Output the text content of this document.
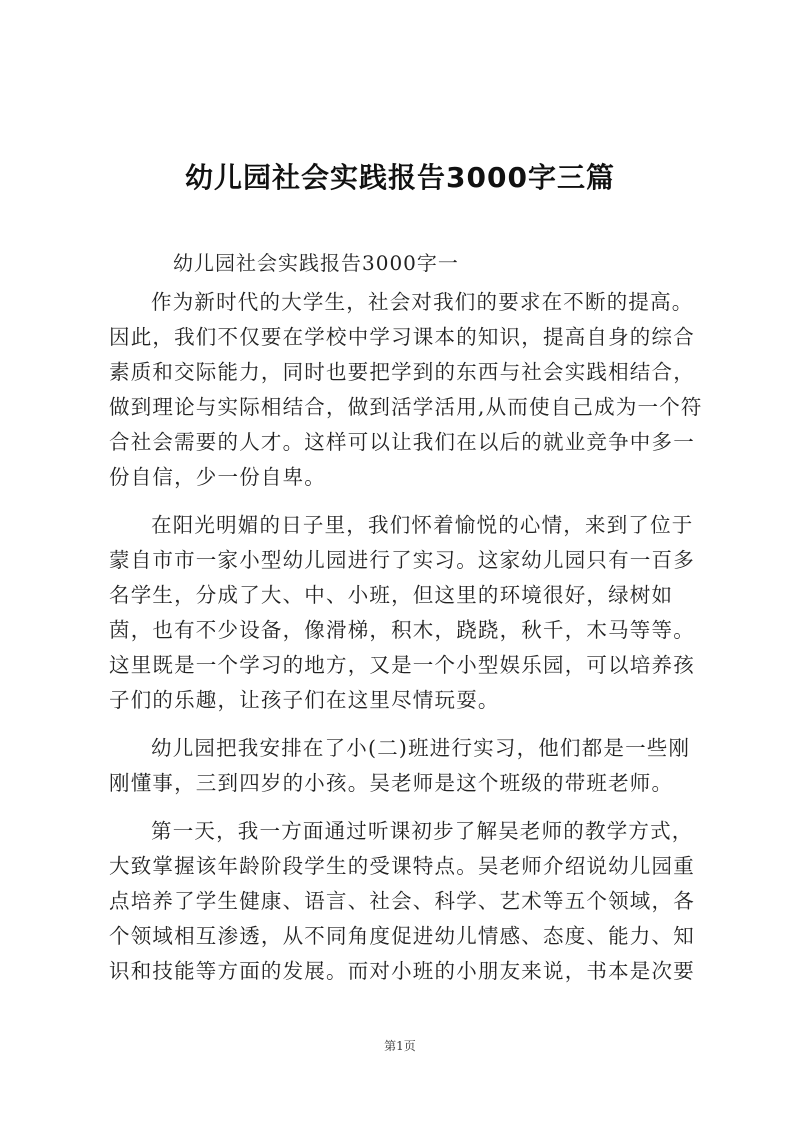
幼儿园社会实践报告3000字三篇
幼儿园社会实践报告3000字一
作为新时代的大学生，社会对我们的要求在不断的提高。
因此，我们不仅要在学校中学习课本的知识，提高自身的综合
素质和交际能力，同时也要把学到的东西与社会实践相结合，
做到理论与实际相结合，做到活学活用,从而使自己成为一个符
合社会需要的人才。这样可以让我们在以后的就业竞争中多一
份自信，少一份自卑。
在阳光明媚的日子里，我们怀着愉悦的心情，来到了位于
蒙自市市一家小型幼儿园进行了实习。这家幼儿园只有一百多
名学生，分成了大、中、小班，但这里的环境很好，绿树如
茵，也有不少设备，像滑梯，积木，跷跷，秋千，木马等等。
这里既是一个学习的地方，又是一个小型娱乐园，可以培养孩
子们的乐趣，让孩子们在这里尽情玩耍。
幼儿园把我安排在了小(二)班进行实习，他们都是一些刚
刚懂事，三到四岁的小孩。吴老师是这个班级的带班老师。
第一天，我一方面通过听课初步了解吴老师的教学方式，
大致掌握该年龄阶段学生的受课特点。吴老师介绍说幼儿园重
点培养了学生健康、语言、社会、科学、艺术等五个领域，各
个领域相互渗透，从不同角度促进幼儿情感、态度、能力、知
识和技能等方面的发展。而对小班的小朋友来说，书本是次要
第1页
